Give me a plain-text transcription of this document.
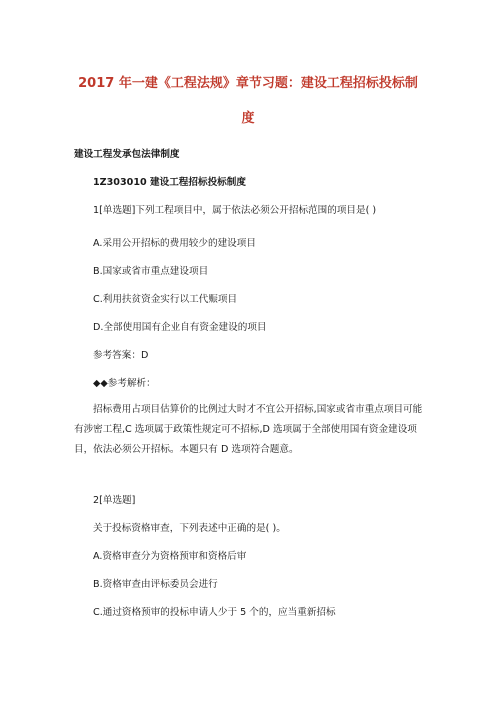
2017 年一建《工程法规》章节习题：建设工程招标投标制
度
建设工程发承包法律制度
1Z303010 建设工程招标投标制度
1[单选题]下列工程项目中，属于依法必须公开招标范围的项目是( )
A.采用公开招标的费用较少的建设项目
B.国家或省市重点建设项目
C.利用扶贫资金实行以工代赈项目
D.全部使用国有企业自有资金建设的项目
参考答案：D
◆◆参考解析：
招标费用占项目估算价的比例过大时才不宜公开招标,国家或省市重点项目可能有涉密工程,C 选项属于政策性规定可不招标,D 选项属于全部使用国有资金建设项目，依法必须公开招标。本题只有 D 选项符合题意。
2[单选题]
关于投标资格审查，下列表述中正确的是( )。
A.资格审查分为资格预审和资格后审
B.资格审查由评标委员会进行
C.通过资格预审的投标申请人少于 5 个的，应当重新招标
